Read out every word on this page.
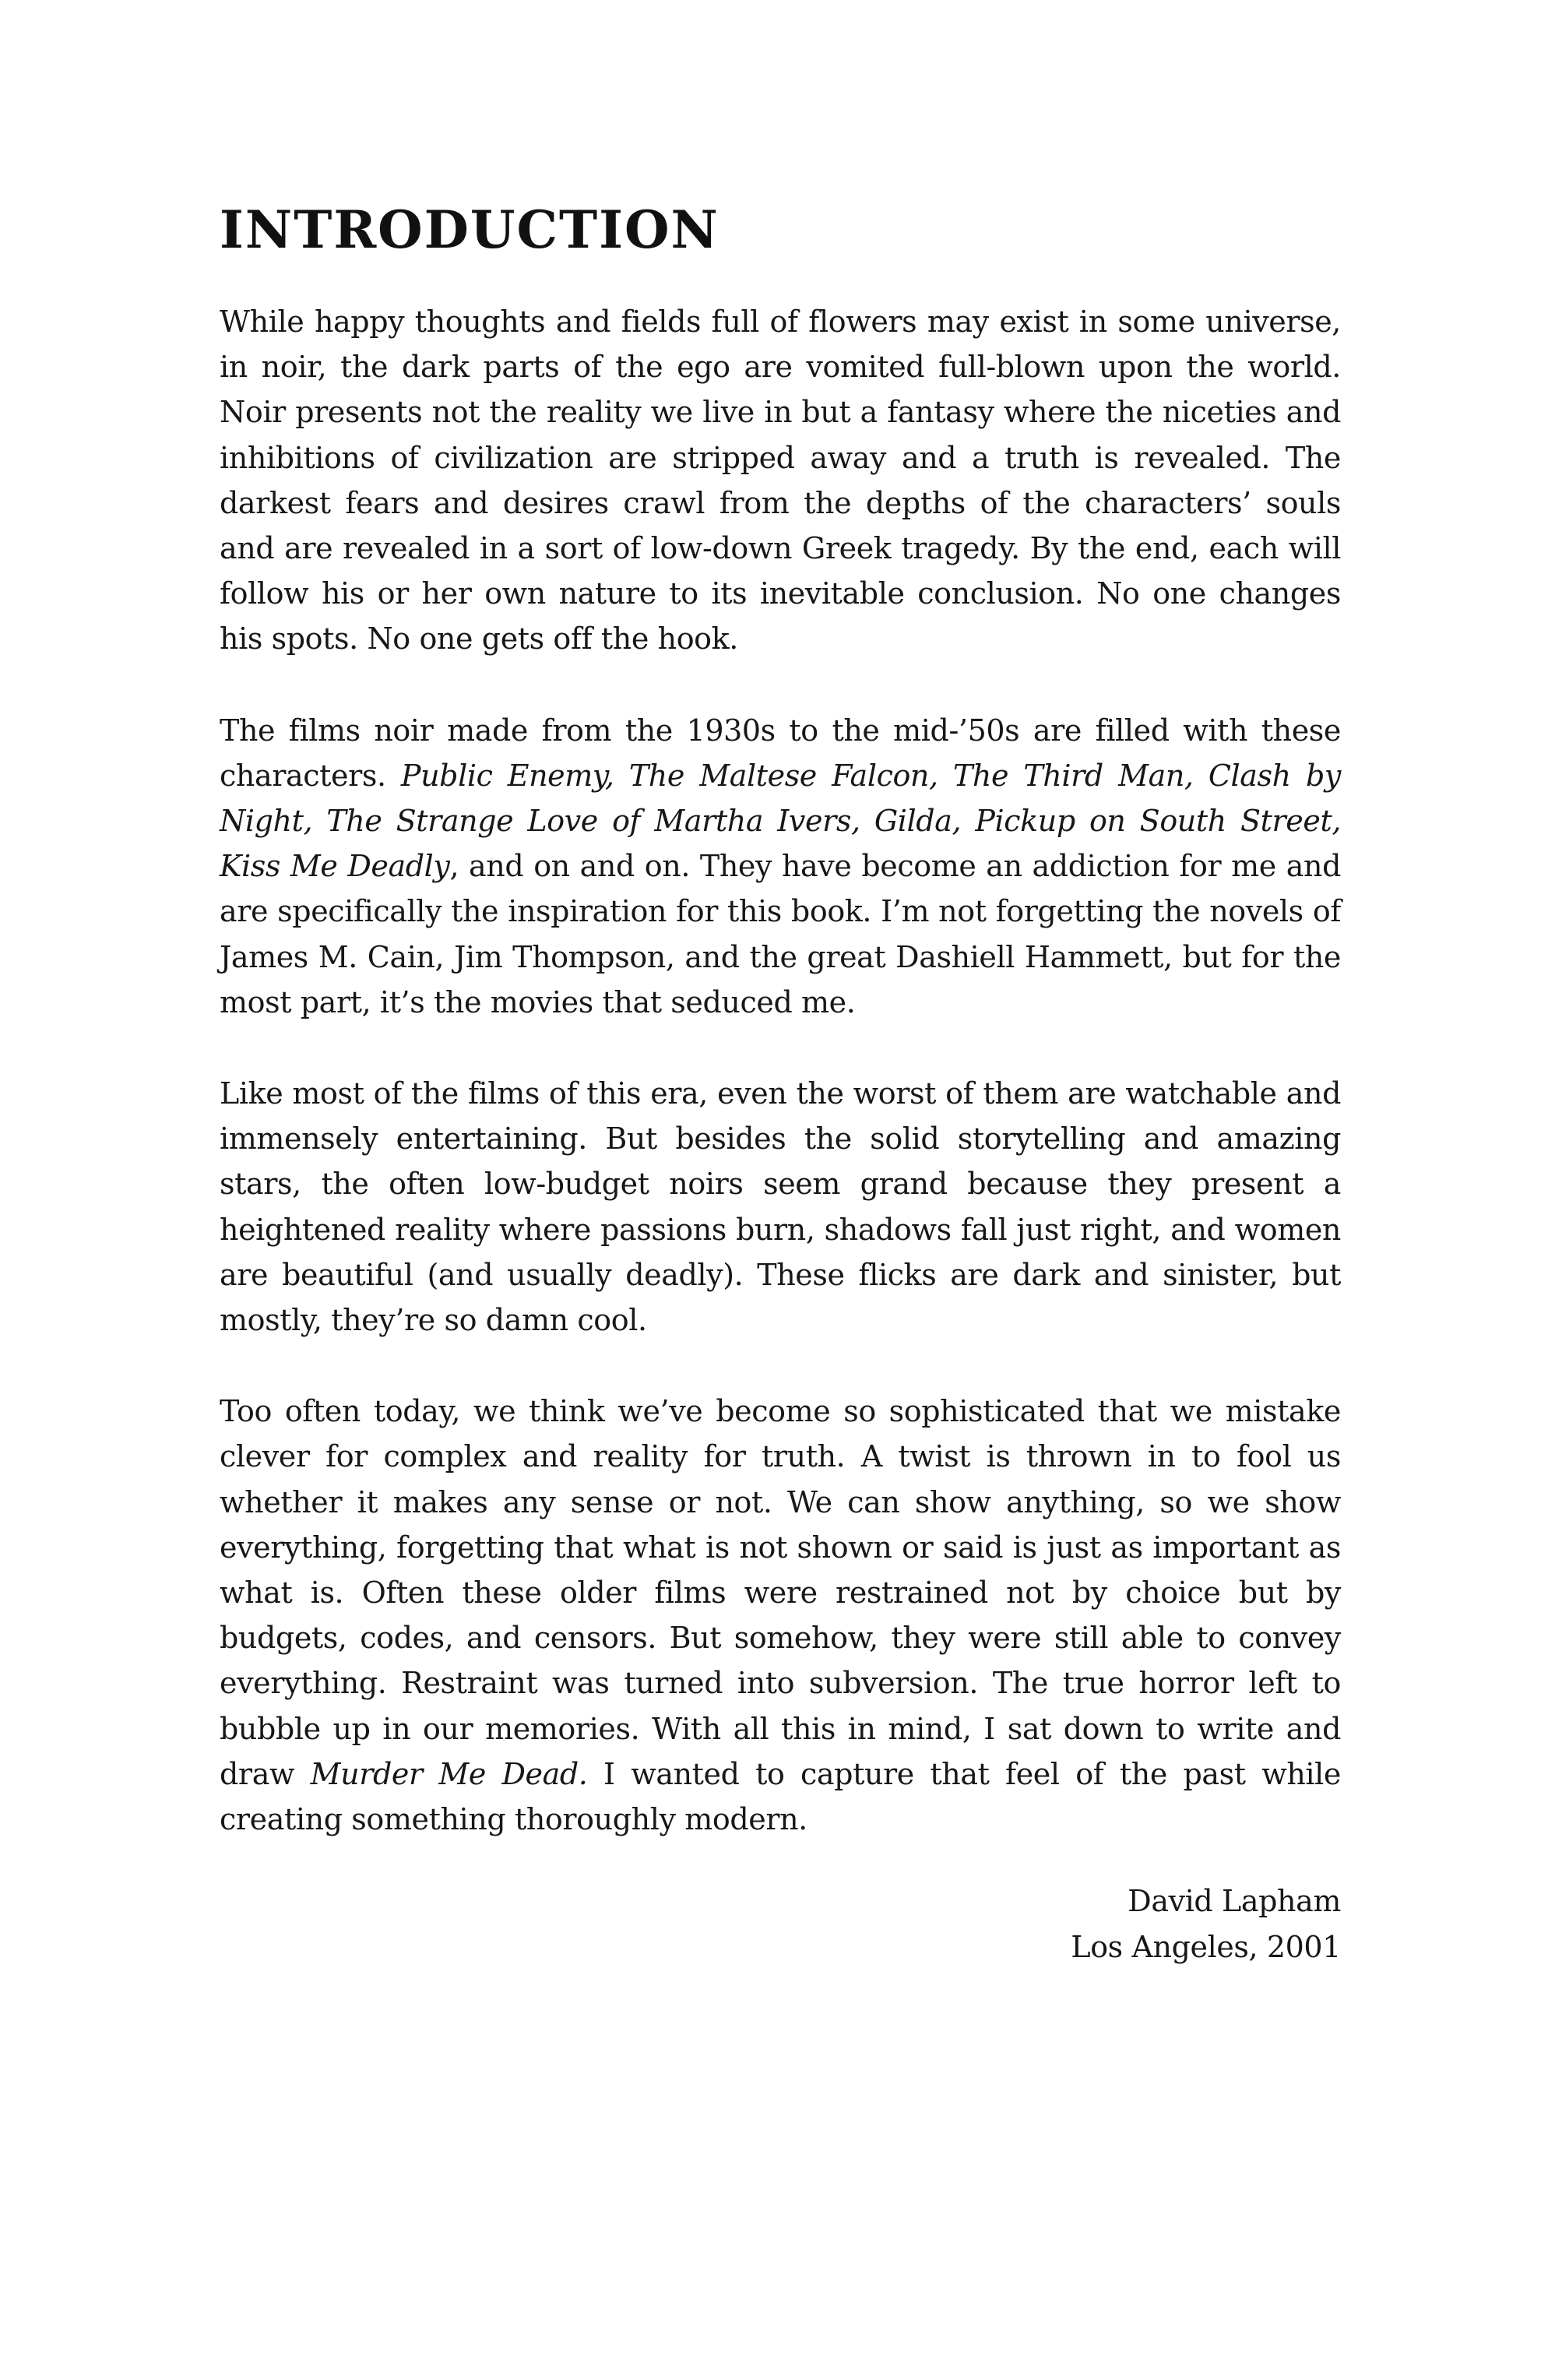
INTRODUCTION

While happy thoughts and fields full of flowers may exist in some universe, in noir, the dark parts of the ego are vomited full-blown upon the world. Noir presents not the reality we live in but a fantasy where the niceties and inhibitions of civilization are stripped away and a truth is revealed. The darkest fears and desires crawl from the depths of the characters’ souls and are revealed in a sort of low-down Greek tragedy. By the end, each will follow his or her own nature to its inevitable conclusion. No one changes his spots. No one gets off the hook.

The films noir made from the 1930s to the mid-’50s are filled with these characters. Public Enemy, The Maltese Falcon, The Third Man, Clash by Night, The Strange Love of Martha Ivers, Gilda, Pickup on South Street, Kiss Me Deadly, and on and on. They have become an addiction for me and are specifically the inspiration for this book. I’m not forgetting the novels of James M. Cain, Jim Thompson, and the great Dashiell Hammett, but for the most part, it’s the movies that seduced me.

Like most of the films of this era, even the worst of them are watchable and immensely entertaining. But besides the solid storytelling and amazing stars, the often low-budget noirs seem grand because they present a heightened reality where passions burn, shadows fall just right, and women are beautiful (and usually deadly). These flicks are dark and sinister, but mostly, they’re so damn cool.

Too often today, we think we’ve become so sophisticated that we mistake clever for complex and reality for truth. A twist is thrown in to fool us whether it makes any sense or not. We can show anything, so we show everything, forgetting that what is not shown or said is just as important as what is. Often these older films were restrained not by choice but by budgets, codes, and censors. But somehow, they were still able to convey everything. Restraint was turned into subversion. The true horror left to bubble up in our memories. With all this in mind, I sat down to write and draw Murder Me Dead. I wanted to capture that feel of the past while creating something thoroughly modern.

David Lapham
Los Angeles, 2001
